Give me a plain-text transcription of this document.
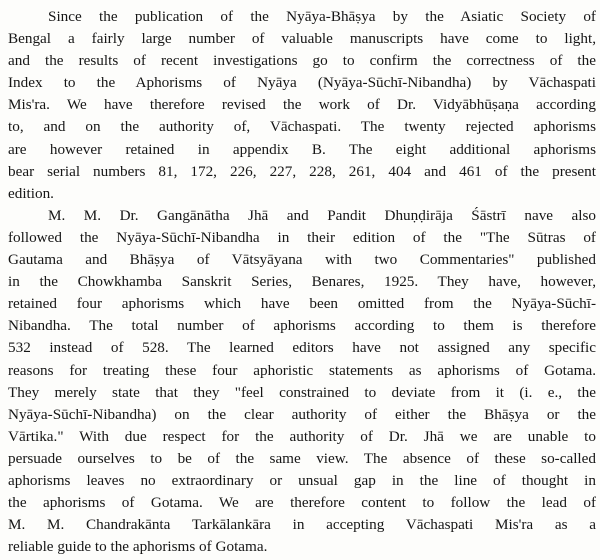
Since the publication of the Nyāya-Bhāṣya by the Asiatic Society of
Bengal a fairly large number of valuable manuscripts have come to light,
and the results of recent investigations go to confirm the correctness of the
Index to the Aphorisms of Nyāya (Nyāya-Sūchī-Nibandha) by Vāchaspati
Mis'ra. We have therefore revised the work of Dr. Vidyābhūṣaṇa according
to, and on the authority of, Vāchaspati. The twenty rejected aphorisms
are however retained in appendix B. The eight additional aphorisms
bear serial numbers 81, 172, 226, 227, 228, 261, 404 and 461 of the present
edition.
M. M. Dr. Gangānātha Jhā and Pandit Dhuṇḍirāja Śāstrī nave also
followed the Nyāya-Sūchī-Nibandha in their edition of the "The Sūtras of
Gautama and Bhāṣya of Vātsyāyana with two Commentaries" published
in the Chowkhamba Sanskrit Series, Benares, 1925. They have, however,
retained four aphorisms which have been omitted from the Nyāya-Sūchī-
Nibandha. The total number of aphorisms according to them is therefore
532 instead of 528. The learned editors have not assigned any specific
reasons for treating these four aphoristic statements as aphorisms of Gotama.
They merely state that they "feel constrained to deviate from it (i. e., the
Nyāya-Sūchī-Nibandha) on the clear authority of either the Bhāṣya or the
Vārtika." With due respect for the authority of Dr. Jhā we are unable to
persuade ourselves to be of the same view. The absence of these so-called
aphorisms leaves no extraordinary or unsual gap in the line of thought in
the aphorisms of Gotama. We are therefore content to follow the lead of
M. M. Chandrakānta Tarkālankāra in accepting Vāchaspati Mis'ra as a
reliable guide to the aphorisms of Gotama.
